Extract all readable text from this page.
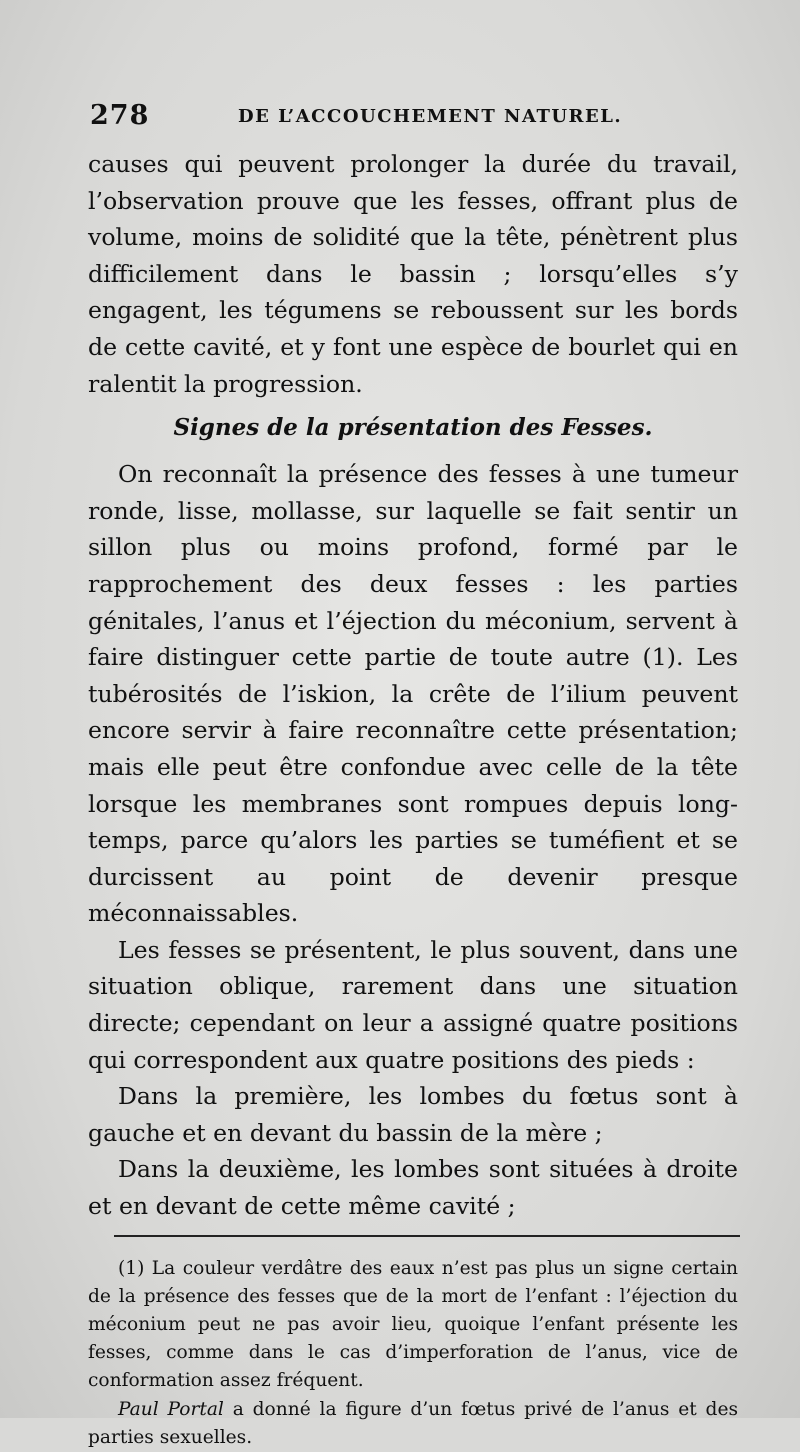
278	DE L’ACCOUCHEMENT NATUREL.

causes qui peuvent prolonger la durée du travail, l’observation prouve que les fesses, offrant plus de volume, moins de solidité que la tête, pénètrent plus difficilement dans le bassin ; lorsqu’elles s’y engagent, les tégumens se reboussent sur les bords de cette cavité, et y font une espèce de bourlet qui en ralentit la progression.

Signes de la présentation des Fesses.

On reconnaît la présence des fesses à une tumeur ronde, lisse, mollasse, sur laquelle se fait sentir un sillon plus ou moins profond, formé par le rapprochement des deux fesses : les parties génitales, l’anus et l’éjection du méconium, servent à faire distinguer cette partie de toute autre (1). Les tubérosités de l’iskion, la crête de l’ilium peuvent encore servir à faire reconnaître cette présentation; mais elle peut être confondue avec celle de la tête lorsque les membranes sont rompues depuis long-temps, parce qu’alors les parties se tuméfient et se durcissent au point de devenir presque méconnaissables.

Les fesses se présentent, le plus souvent, dans une situation oblique, rarement dans une situation directe; cependant on leur a assigné quatre positions qui correspondent aux quatre positions des pieds :

Dans la première, les lombes du fœtus sont à gauche et en devant du bassin de la mère ;

Dans la deuxième, les lombes sont situées à droite et en devant de cette même cavité ;

(1) La couleur verdâtre des eaux n’est pas plus un signe certain de la présence des fesses que de la mort de l’enfant : l’éjection du méconium peut ne pas avoir lieu, quoique l’enfant présente les fesses, comme dans le cas d’imperforation de l’anus, vice de conformation assez fréquent.

Paul Portal a donné la figure d’un fœtus privé de l’anus et des parties sexuelles.
